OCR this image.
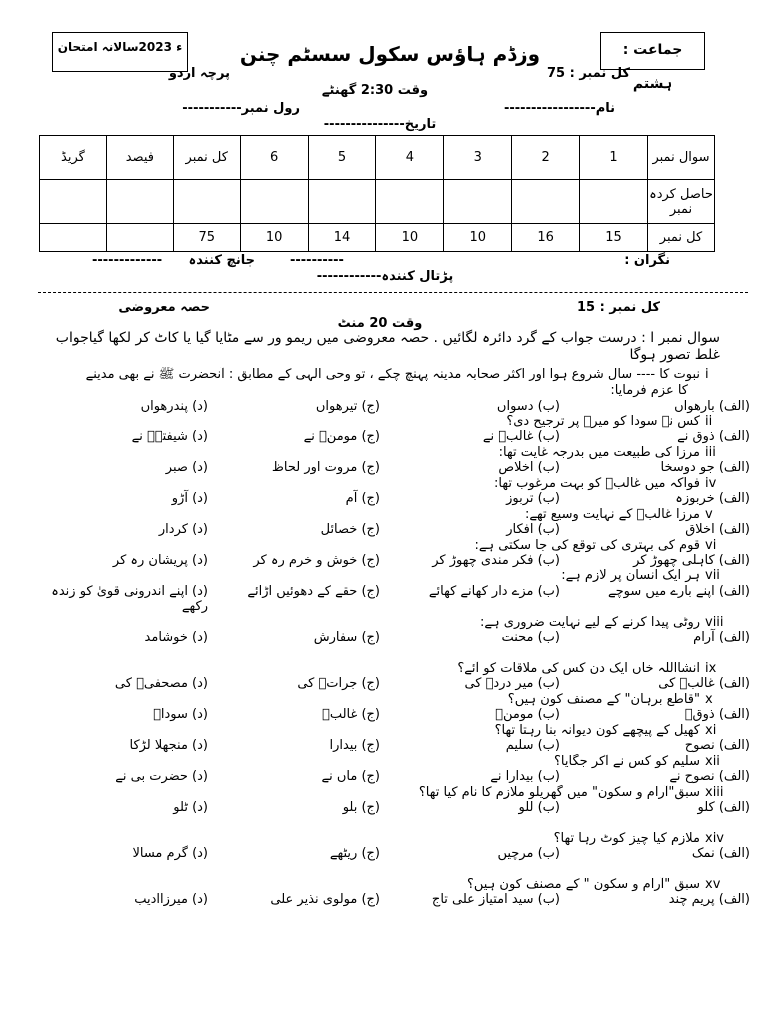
ء 2023سالانہ امتحان	جماعت : ہشتم
وزڈم ہاؤس سکول سسٹم چنن
پرچہ اردو	کل نمبر : 75
وقت 2:30 گھنٹے
رول نمبر-----------	نام-----------------
تاریخ---------------
گریڈ	فیصد	کل نمبر	6	5	4	3	2	1	سوال نمبر
									حاصل کردہ نمبر
		75	10	14	10	10	16	15	کل نمبر
نگران :
----------
جانچ کنندہ
-------------
پڑتال کنندہ------------
کل نمبر : 15
حصہ معروضی
وقت 20 منٹ
سوال نمبر ا : درست جواب کے گرد دائرہ لگائیں . حصہ معروضی میں ریمو ور سے مٹایا گیا یا کاٹ کر لکھا گیاجواب غلط تصور ہوگا
i
نبوت کا ---- سال شروع ہوا اور اکثر صحابہ مدینہ پہنچ چکے ، تو وحی الٰہی کے مطابق : آنحضرت ﷺ نے بھی مدینے
کا عزم فرمایا:
(الف) بارھواں
(ب) دسواں
(ج) تیرھواں
(د) پندرھواں
ii
کس نے سودا کو میرؔ پر ترجیح دی؟
(الف) ذوق نے
(ب) غالبؔ نے
(ج) مومنؔ نے
(د) شیفتہؔ نے
iii
مرزا کی طبیعت میں بدرجہ غایت تھا:
(الف) جو دوسخا
(ب) اخلاص
(ج) مروت اور لحاظ
(د) صبر
iv
فواکہ میں غالبؔ کو بہت مرغوب تھا:
(الف) خربوزہ
(ب) تربوز
(ج) آم
(د) آڑو
v
مرزا غالبؔ کے نہایت وسیع تھے:
(الف) اخلاق
(ب) افکار
(ج) خصائل
(د) کردار
vi
قوم کی بہتری کی توقع کی جا سکتی ہے:
(الف) کاہلی چھوڑ کر
(ب) فکر مندی چھوڑ کر
(ج) خوش و خرم رہ کر
(د) پریشان رہ کر
vii
ہر ایک انسان پر لازم ہے:
(الف) اپنے بارے میں سوچے
(ب) مزے دار کھانے کھائے
(ج) حقے کے دھوئیں اڑائے
(د) اپنے اندرونی قویٰ کو زندہ رکھے
viii
روٹی پیدا کرنے کے لیے نہایت ضروری ہے:
(الف) آرام
(ب) محنت
(ج) سفارش
(د) خوشامد
ix
انشااللہ خاں ایک دن کس کی ملاقات کو آئے؟
(الف) غالبؔ کی
(ب) میر دردؔ کی
(ج) جراتؔ کی
(د) مصحفیؔ کی
x
"قاطع برہان" کے مصنف کون ہیں؟
(الف) ذوقؔ
(ب) مومنؔ
(ج) غالبؔ
(د) سوداؔ
xi
کھیل کے پیچھے کون دیوانہ بنا رہتا تھا؟
(الف) نصوح
(ب) سلیم
(ج) بیدارا
(د) منجھلا لڑکا
xii
سلیم کو کس نے آکر جگایا؟
(الف) نصوح نے
(ب) بیدارا نے
(ج) ماں نے
(د) حضرت بی نے
xiii
سبق"آرام و سکون" میں گھریلو ملازم کا نام کیا تھا؟
(الف) کلو
(ب) للو
(ج) بلو
(د) ٹلو
xiv
ملازم کیا چیز کوٹ رہا تھا؟
(الف) نمک
(ب) مرچیں
(ج) ریٹھے
(د) گرم مسالا
xv
سبق "آرام و سکون " کے مصنف کون ہیں؟
(الف) پریم چند
(ب) سید امتیاز علی تاج
(ج) مولوی نذیر علی
(د) میرزاادیب
